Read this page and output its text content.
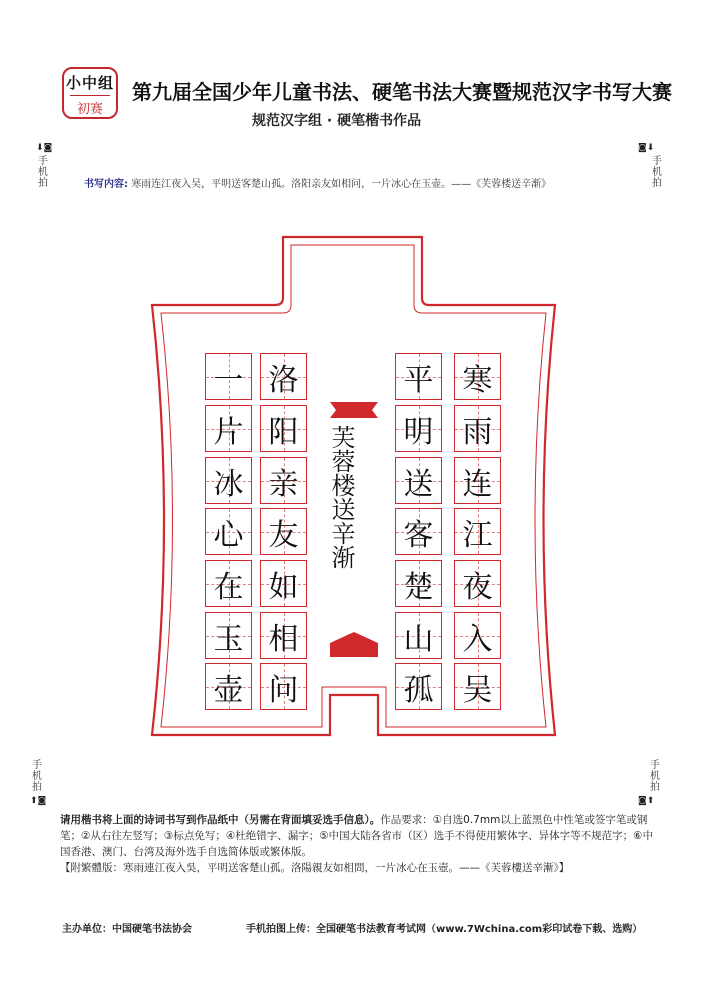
小中组
初赛
第九届全国少年儿童书法、硬笔书法大赛暨规范汉字书写大赛
规范汉字组 · 硬笔楷书作品
⬇◙
手机拍
◙⬇
手机拍
手机拍
⬆◙
手机拍
◙⬆
书写内容: 寒雨连江夜入吴，平明送客楚山孤。洛阳亲友如相问，一片冰心在玉壶。——《芙蓉楼送辛渐》
寒
雨
连
江
夜
入
吴
平
明
送
客
楚
山
孤
洛
阳
亲
友
如
相
问
一
片
冰
心
在
玉
壶
芙蓉楼送辛渐
请用楷书将上面的诗词书写到作品纸中（另需在背面填妥选手信息）。作品要求：①自选0.7mm以上蓝黑色中性笔或签字笔或钢笔；②从右往左竖写；③标点免写；④杜绝错字、漏字；⑤中国大陆各省市（区）选手不得使用繁体字、异体字等不规范字；⑥中国香港、澳门、台湾及海外选手自选简体版或繁体版。
【附繁體版：寒雨連江夜入吳，平明送客楚山孤。洛陽親友如相問，一片冰心在玉壺。——《芙蓉樓送辛漸》】
主办单位：中国硬笔书法协会	手机拍图上传：全国硬笔书法教育考试网（www.7Wchina.com彩印试卷下载、选购）
